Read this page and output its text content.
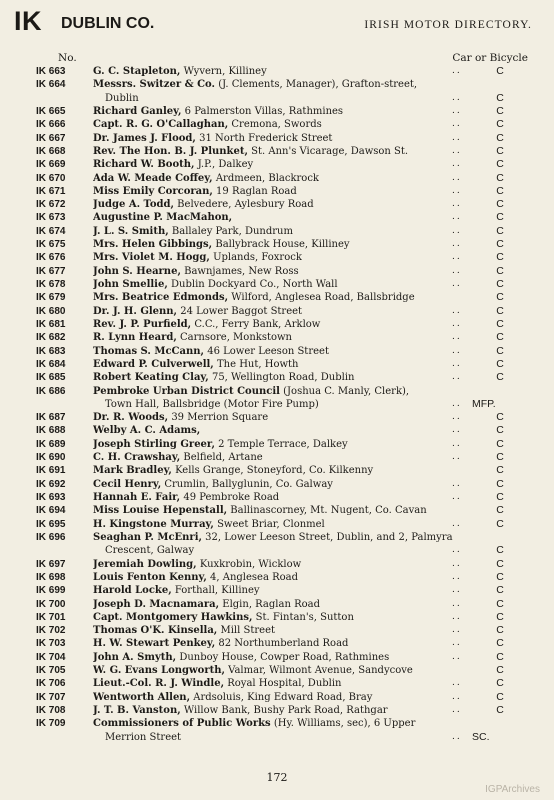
IK DUBLIN CO.	IRISH MOTOR DIRECTORY.
No.	Car or Bicycle
IK 663	G. C. Stapleton, Wyvern, Killiney	..	C
IK 664	Messrs. Switzer & Co. (J. Clements, Manager), Grafton-street,
Dublin	..	C
IK 665	Richard Ganley, 6 Palmerston Villas, Rathmines	..	C
IK 666	Capt. R. G. O'Callaghan, Cremona, Swords	..	C
IK 667	Dr. James J. Flood, 31 North Frederick Street	..	C
IK 668	Rev. The Hon. B. J. Plunket, St. Ann's Vicarage, Dawson St.	..	C
IK 669	Richard W. Booth, J.P., Dalkey	..	C
IK 670	Ada W. Meade Coffey, Ardmeen, Blackrock	..	C
IK 671	Miss Emily Corcoran, 19 Raglan Road	..	C
IK 672	Judge A. Todd, Belvedere, Aylesbury Road	..	C
IK 673	Augustine P. MacMahon,	..	C
IK 674	J. L. S. Smith, Ballaley Park, Dundrum	..	C
IK 675	Mrs. Helen Gibbings, Ballybrack House, Killiney	..	C
IK 676	Mrs. Violet M. Hogg, Uplands, Foxrock	..	C
IK 677	John S. Hearne, Bawnjames, New Ross	..	C
IK 678	John Smellie, Dublin Dockyard Co., North Wall	..	C
IK 679	Mrs. Beatrice Edmonds, Wilford, Anglesea Road, Ballsbridge	C
IK 680	Dr. J. H. Glenn, 24 Lower Baggot Street	..	C
IK 681	Rev. J. P. Purfield, C.C., Ferry Bank, Arklow	..	C
IK 682	R. Lynn Heard, Carnsore, Monkstown	..	C
IK 683	Thomas S. McCann, 46 Lower Leeson Street	..	C
IK 684	Edward P. Culverwell, The Hut, Howth	..	C
IK 685	Robert Keating Clay, 75, Wellington Road, Dublin	..	C
IK 686	Pembroke Urban District Council (Joshua C. Manly, Clerk),
Town Hall, Ballsbridge (Motor Fire Pump)	.. MFP.
IK 687	Dr. R. Woods, 39 Merrion Square	..	C
IK 688	Welby A. C. Adams,	..	C
IK 689	Joseph Stirling Greer, 2 Temple Terrace, Dalkey	..	C
IK 690	C. H. Crawshay, Belfield, Artane	..	C
IK 691	Mark Bradley, Kells Grange, Stoneyford, Co. Kilkenny	C
IK 692	Cecil Henry, Crumlin, Ballyglunin, Co. Galway	..	C
IK 693	Hannah E. Fair, 49 Pembroke Road	..	C
IK 694	Miss Louise Hepenstall, Ballinascorney, Mt. Nugent, Co. Cavan	C
IK 695	H. Kingstone Murray, Sweet Briar, Clonmel	..	C
IK 696	Seaghan P. McEnri, 32, Lower Leeson Street, Dublin, and 2, Palmyra
Crescent, Galway	..	C
IK 697	Jeremiah Dowling, Kuxkrobin, Wicklow	..	C
IK 698	Louis Fenton Kenny, 4, Anglesea Road	..	C
IK 699	Harold Locke, Forthall, Killiney	..	C
IK 700	Joseph D. Macnamara, Elgin, Raglan Road	..	C
IK 701	Capt. Montgomery Hawkins, St. Fintan's, Sutton	..	C
IK 702	Thomas O'K. Kinsella, Mill Street	..	C
IK 703	H. W. Stewart Penkey, 82 Northumberland Road	..	C
IK 704	John A. Smyth, Dunboy House, Cowper Road, Rathmines	..	C
IK 705	W. G. Evans Longworth, Valmar, Wilmont Avenue, Sandycove	C
IK 706	Lieut.-Col. R. J. Windle, Royal Hospital, Dublin	..	C
IK 707	Wentworth Allen, Ardsoluis, King Edward Road, Bray	..	C
IK 708	J. T. B. Vanston, Willow Bank, Bushy Park Road, Rathgar	..	C
IK 709	Commissioners of Public Works (Hy. Williams, sec), 6 Upper
Merrion Street	.. SC.
172
IGPArchives
